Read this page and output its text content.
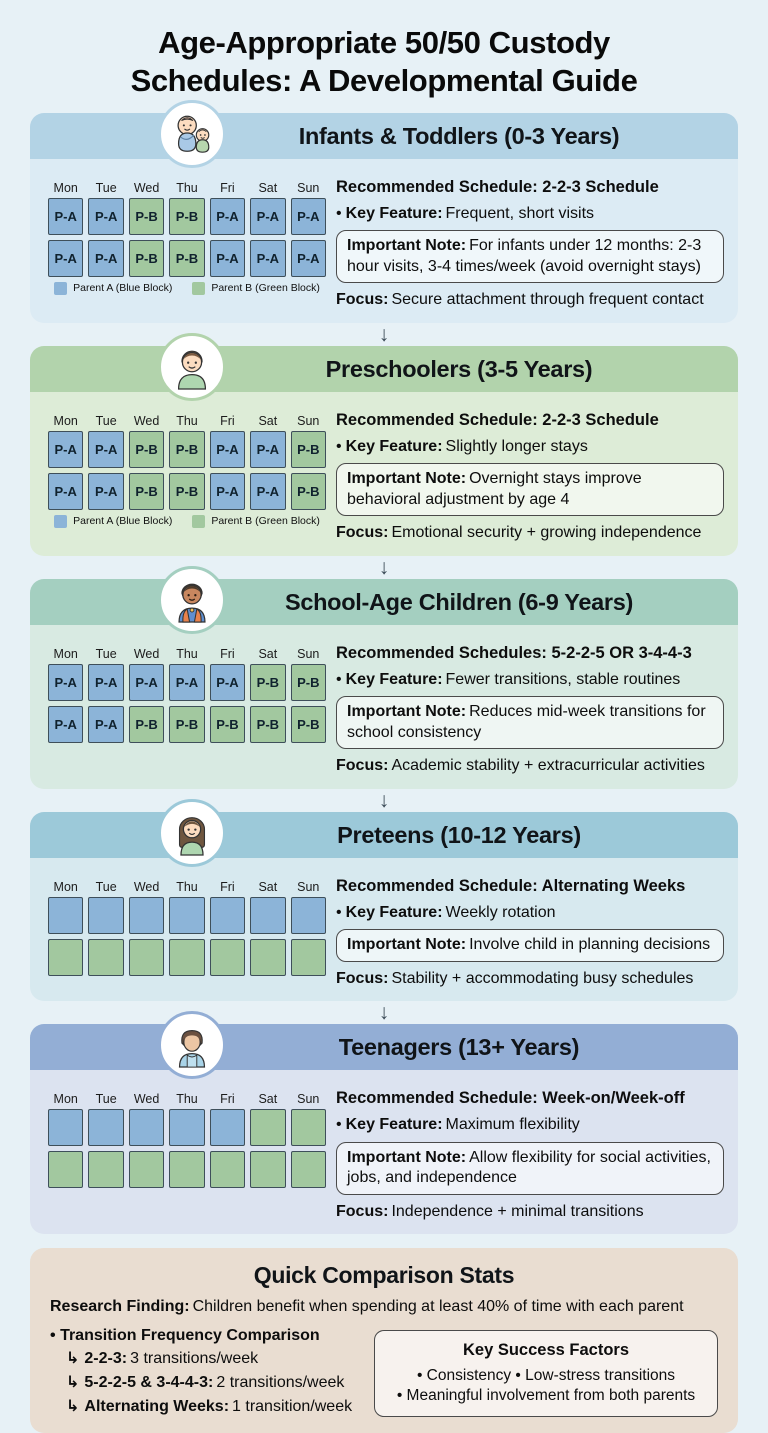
Age-Appropriate 50/50 Custody
Schedules: A Developmental Guide
Infants & Toddlers (0-3 Years)
Mon	Tue	Wed	Thu	Fri	Sat	Sun
P-A	P-A	P-B	P-B	P-A	P-A	P-A
P-A	P-A	P-B	P-B	P-A	P-A	P-A
Parent A (Blue Block)	Parent B (Green Block)

Recommended Schedule: 2-2-3 Schedule

• Key Feature: Frequent, short visits

Important Note: For infants under 12 months: 2-3 hour visits, 3-4 times/week (avoid overnight stays)

Focus: Secure attachment through frequent contact

↓
Preschoolers (3-5 Years)
Mon	Tue	Wed	Thu	Fri	Sat	Sun
P-A	P-A	P-B	P-B	P-A	P-A	P-B
P-A	P-A	P-B	P-B	P-A	P-A	P-B
Parent A (Blue Block)	Parent B (Green Block)

Recommended Schedule: 2-2-3 Schedule

• Key Feature: Slightly longer stays

Important Note: Overnight stays improve behavioral adjustment by age 4

Focus: Emotional security + growing independence

↓
School-Age Children (6-9 Years)
Mon	Tue	Wed	Thu	Fri	Sat	Sun
P-A	P-A	P-A	P-A	P-A	P-B	P-B
P-A	P-A	P-B	P-B	P-B	P-B	P-B

Recommended Schedules: 5-2-2-5 OR 3-4-4-3

• Key Feature: Fewer transitions, stable routines

Important Note: Reduces mid-week transitions for school consistency

Focus: Academic stability + extracurricular activities

↓
Preteens (10-12 Years)
Mon	Tue	Wed	Thu	Fri	Sat	Sun	Recommended Schedule: Alternating Weeks

• Key Feature: Weekly rotation

Important Note: Involve child in planning decisions

Focus: Stability + accommodating busy schedules

↓
Teenagers (13+ Years)
Mon	Tue	Wed	Thu	Fri	Sat	Sun	Recommended Schedule: Week-on/Week-off

• Key Feature: Maximum flexibility

Important Note: Allow flexibility for social activities, jobs, and independence

Focus: Independence + minimal transitions

Quick Comparison Stats

Research Finding: Children benefit when spending at least 40% of time with each parent

• Transition Frequency Comparison

↳ 2-2-3: 3 transitions/week
↳ 5-2-2-5 & 3-4-4-3: 2 transitions/week
↳ Alternating Weeks: 1 transition/week

Key Success Factors

• Consistency • Low-stress transitions

• Meaningful involvement from both parents
